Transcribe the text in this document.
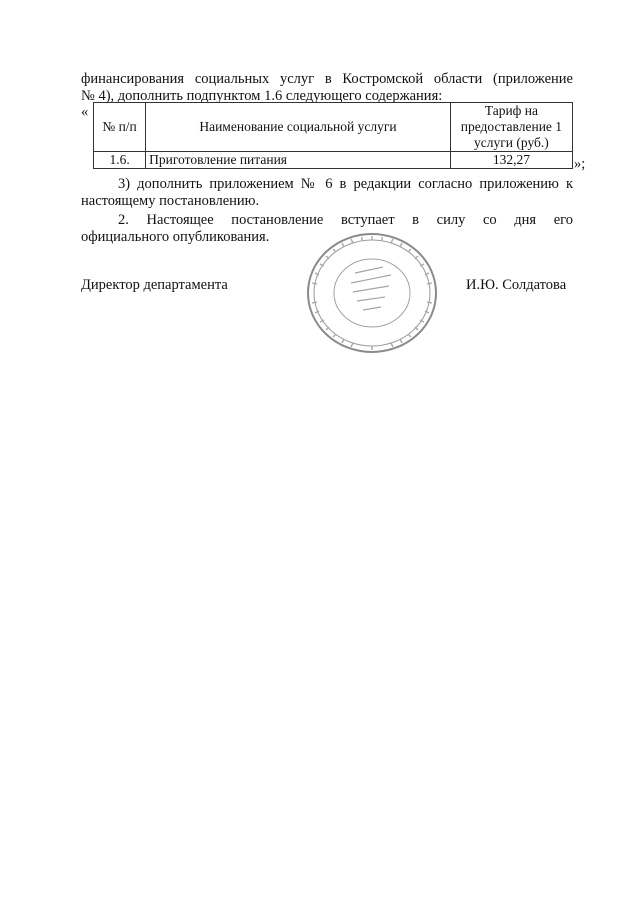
финансирования социальных услуг в Костромской области (приложение
№ 4), дополнить подпунктом 1.6 следующего содержания:
«
№ п/п	Наименование социальной услуги	Тариф на предоставление 1 услуги (руб.)
1.6.	Приготовление питания	132,27	»;
3) дополнить приложением № 6 в редакции согласно приложению к
настоящему постановлению.
2. Настоящее постановление вступает в силу со дня его
официального опубликования.
Директор департамента	И.Ю. Солдатова
